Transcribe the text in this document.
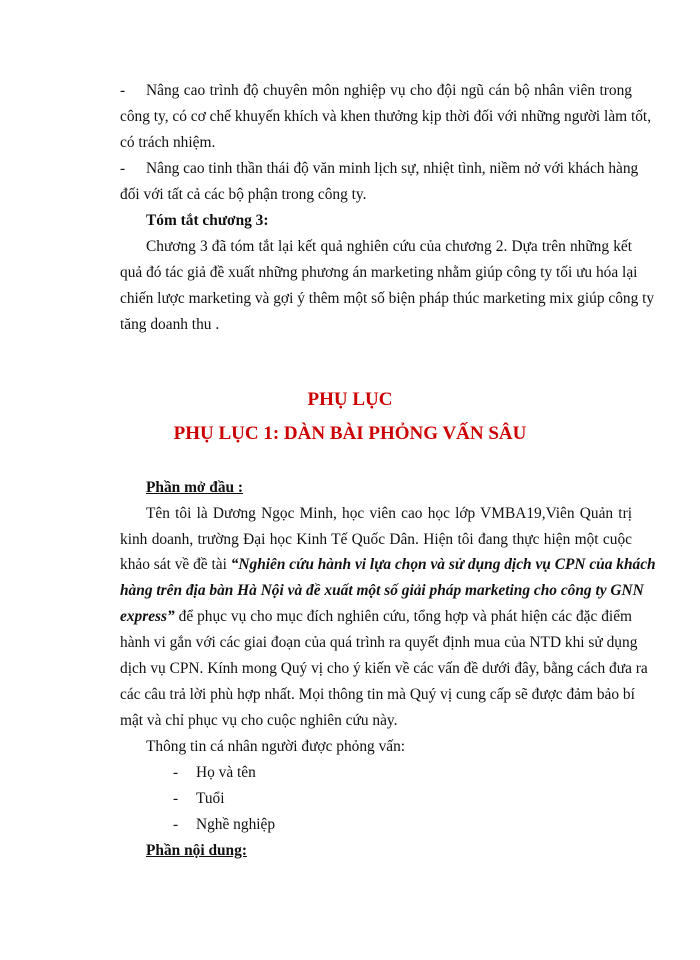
-	Nâng cao trình độ chuyên môn nghiệp vụ cho đội ngũ cán bộ nhân viên trong
công ty, có cơ chế khuyến khích và khen thưởng kịp thời đối với những người làm tốt,
có trách nhiệm.
-	Nâng cao tinh thần thái độ văn minh lịch sự, nhiệt tình, niềm nở với khách hàng
đối với tất cả các bộ phận trong công ty.
Tóm tắt chương 3:
Chương 3 đã tóm tắt lại kết quả nghiên cứu của chương 2. Dựa trên những kết
quả đó tác giả đề xuất những phương án marketing nhằm giúp công ty tối ưu hóa lại
chiến lược marketing và gợi ý thêm một số biện pháp thúc marketing mix giúp công ty
tăng doanh thu .
PHỤ LỤC
PHỤ LỤC 1: DÀN BÀI PHỎNG VẤN SÂU
Phần mở đầu :
Tên tôi là Dương Ngọc Minh, học viên cao học lớp VMBA19,Viên Quản trị
kinh doanh, trường Đại học Kinh Tế Quốc Dân. Hiện tôi đang thực hiện một cuộc
khảo sát về đề tài “Nghiên cứu hành vi lựa chọn và sử dụng dịch vụ CPN của khách
hàng trên địa bàn Hà Nội và đề xuất một số giải pháp marketing cho công ty GNN
express” để phục vụ cho mục đích nghiên cứu, tổng hợp và phát hiện các đặc điểm
hành vi gắn với các giai đoạn của quá trình ra quyết định mua của NTD khi sử dụng
dịch vụ CPN. Kính mong Quý vị cho ý kiến về các vấn đề dưới đây, bằng cách đưa ra
các câu trả lời phù hợp nhất. Mọi thông tin mà Quý vị cung cấp sẽ được đảm bảo bí
mật và chỉ phục vụ cho cuộc nghiên cứu này.
Thông tin cá nhân người được phỏng vấn:
-	Họ và tên
-	Tuổi
-	Nghề nghiệp
Phần nội dung:
